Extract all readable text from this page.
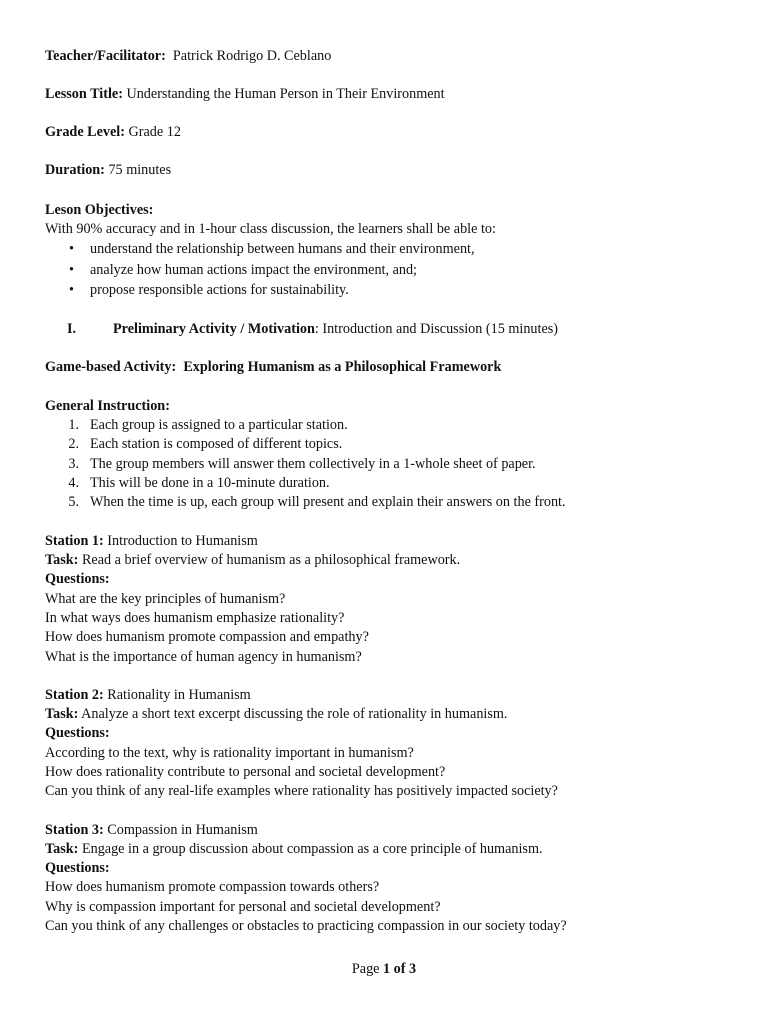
Teacher/Facilitator: Patrick Rodrigo D. Ceblano
Lesson Title: Understanding the Human Person in Their Environment
Grade Level: Grade 12
Duration: 75 minutes
Leson Objectives:
With 90% accuracy and in 1-hour class discussion, the learners shall be able to:
• understand the relationship between humans and their environment,
• analyze how human actions impact the environment, and;
• propose responsible actions for sustainability.
I.	Preliminary Activity / Motivation: Introduction and Discussion (15 minutes)
Game-based Activity: Exploring Humanism as a Philosophical Framework
General Instruction:
1. Each group is assigned to a particular station.
2. Each station is composed of different topics.
3. The group members will answer them collectively in a 1-whole sheet of paper.
4. This will be done in a 10-minute duration.
5. When the time is up, each group will present and explain their answers on the front.
Station 1: Introduction to Humanism
Task: Read a brief overview of humanism as a philosophical framework.
Questions:
What are the key principles of humanism?
In what ways does humanism emphasize rationality?
How does humanism promote compassion and empathy?
What is the importance of human agency in humanism?
Station 2: Rationality in Humanism
Task: Analyze a short text excerpt discussing the role of rationality in humanism.
Questions:
According to the text, why is rationality important in humanism?
How does rationality contribute to personal and societal development?
Can you think of any real-life examples where rationality has positively impacted society?
Station 3: Compassion in Humanism
Task: Engage in a group discussion about compassion as a core principle of humanism.
Questions:
How does humanism promote compassion towards others?
Why is compassion important for personal and societal development?
Can you think of any challenges or obstacles to practicing compassion in our society today?
Page 1 of 3
